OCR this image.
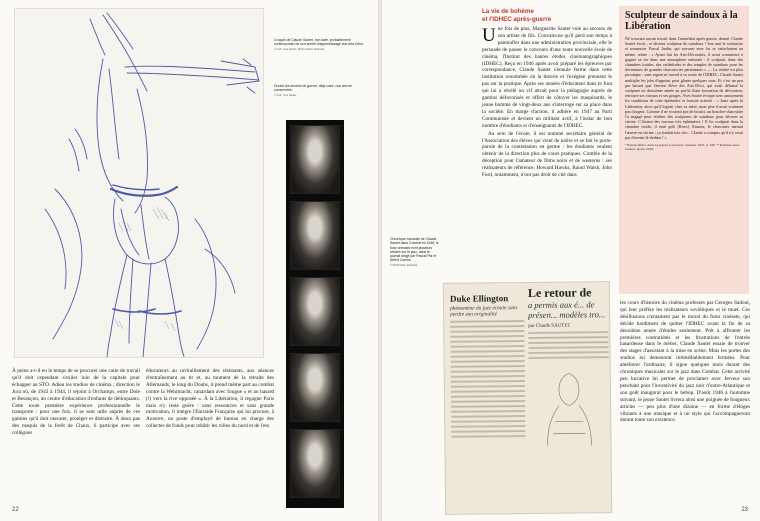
Croquis de Claude Sautet, non daté, probablement contemporain de son année d'apprentissage aux Arts-Déco.

© Coll. Yves Sautet. Photo Kellner Rochette

Durant les années de guerre, déjà cuire, une œuvre commentée.

© Coll. Yves Sautet

À peine a-t-il eu le temps de se procurer une carte de travail qu'il doit cependant s'exiler loin de la capitale pour échapper au STO. Adieu les studios de cinéma ; direction le Jura où, de 1943 à 1944, il rejoint à Orchamps, entre Dole et Besançon, un centre d'éducation d'enfants de délinquants. Cette toute première expérience professionnelle le transporte : pour une fois, il se sent utile auprès de ces gamins qu'il doit rassurer, protéger et distraire. À deux pas des maquis de la forêt de Chaux, il participe avec ses collègues

éducateurs au ravitaillement des résistants, aux séances d'entraînement au tir et, au moment de la retraite des Allemands, le long du Doubs, il prend même part au combat contre la Wehrmacht, canardant avec fougue « et au hasard (!) vers la rive opposée ». À la Libération, il regagne Paris mais n'y reste guère : sans ressources et sans grande motivation, il intègre l'Entraide Française qui lui procure, à Auxerre, un poste d'employé de bureau en charge des collectes de fonds pour rebâtir les villes du nord et de l'est.

22

La vie de bohème
et l'IDHEC après-guerre

Une fois de plus, Marguerite Sautet vole au secours de son artiste de fils. Convaincue qu'il perd son temps à pantoufler dans une administration provinciale, elle le persuade de passer le concours d'une toute nouvelle école de cinéma, l'Institut des hautes études cinématographiques (IDHEC). Reçu en 1946 après avoir préparé les épreuves par correspondance, Claude Sautet s'ennuie ferme dans cette institution renommée où la théorie et l'exégèse prennent le pas sur la pratique. Après ses années d'éducateur dans le Jura qui lui a révélé un vif attrait pour la pédagogie auprès de gamins défavorisés et offert de côtoyer les maquisards, le jeune homme de vingt-deux ans s'interroge sur sa place dans la société. En marge d'action, il adhère en 1947 au Parti Communiste et devient un militant actif, à l'instar de bon nombre d'étudiants et d'enseignants de l'IDHEC.

Au sein de l'école, il est nommé secrétaire général de l'Association des élèves qui vient de naître et se fait le porte-parole de la contestation en germe : les étudiants veulent obtenir de la direction plus de cours pratiques. Comble de la déception pour l'amateur de films noirs et de westerns : ses réalisateurs de référence, Howard Hawks, Raoul Walsh, John Ford, notamment, n'ont pas droit de cité dans

Chronique musicale de Claude Sautet dans Combat en 1948, le futur cinéaste écrit plusieurs articles sur le jazz, dans le journal dirigé par Pascal Pia et Albert Camus.

© BnF/Kellner Rochette

Sculpteur de saindoux à la Libération

Né trouvant aucun travail dans l'immédiat après-guerre, donné, Claude Sautet évoit... et devient sculpteur de saindoux ! Son ami le scénariste et romancier Pascal Jardin, qui souvent avec lui se rattachaient au même, relate : « Ayant fait les Arts-Décoratifs, il avait commencé à gagner sa vie dans une atmosphère enfumée : il sculptait, dans des chambres froides, des cathédrales et des temples de saindoux pour les devantures de grandes charcuteries parisiennes » — La réalité est plus prosaïque : sans argent ni travail à sa sortie de l'IDHEC, Claude Sautet multiplie les jobs d'appoint pour glaner quelques sous. Et c'est un peu par hasard que l'ancien élève des Arts-Déco, qui avait délaissé la sculpture en deuxième année au profit d'une formation de décorateur, retrouve ses ciseaux et ses gouges. Yves Sautet évoque avec amusement les conditions de cette éphémère et fortuite activité : « Juste après la Libération, alors qu'il logeait chez sa mère, mon père n'avait vraiment pas d'argent. Comme il ne trouvait pas de boulot, un boucher-charcutier l'a engagé pour réaliser des sculptures de saindoux pour décorer sa vitrine. C'étaient des travaux très éphémères ! Il les sculptait dans la chambre froide, il était gelé [Rires]. Ensuite, le charcutier mettait l'œuvre en vitrine ; ça fondait très vite... Claude a compris qu'il n'y avait pas d'avenir là-dedans ! »

* Pascal Jardin, dans La guerre à neuf ans, Grasset, 1971, p. 166. ** Entretien avec l'auteur, février 2018.

Duke Ellington
phénomène du jazz écoute sans perdre son originalité
Le retour de
a permis aux é... de présen... modèles tro...
par Claude SAUTET

les cours d'histoire du cinéma professés par Georges Sadoul, qui leur préfère les réalisateurs soviétiques et le muet. Ces désillusions n'entament pas le moral du futur cinéaste, qui décide hardiment de quitter l'IDHEC avant la fin de sa deuxième année d'études seulement. Prêt à affronter les premières contrariétés et les frustrations de l'entrée hasardeuse dans le métier, Claude Sautet essaie de trouver des stages d'assistant à la mise en scène. Mais les portes des studios lui demeurent irrémédiablement fermées. Pour améliorer l'ordinaire, il signe quelques mois durant des chroniques musicales sur le jazz dans Combat. Cette activité peu lucrative lui permet de proclamer avec ferveur son penchant pour l'inventivité du jazz noir d'outre-Atlantique et son goût inaugural pour le bebop. D'août 1946 à l'automne suivant, le jeune Sautet livrera ainsi une poignée de fougueux articles — peu plus d'une dizaine — en forme d'éloges vibrants à une musique et à un style qui l'accompagneront durant toute son existence.

23
